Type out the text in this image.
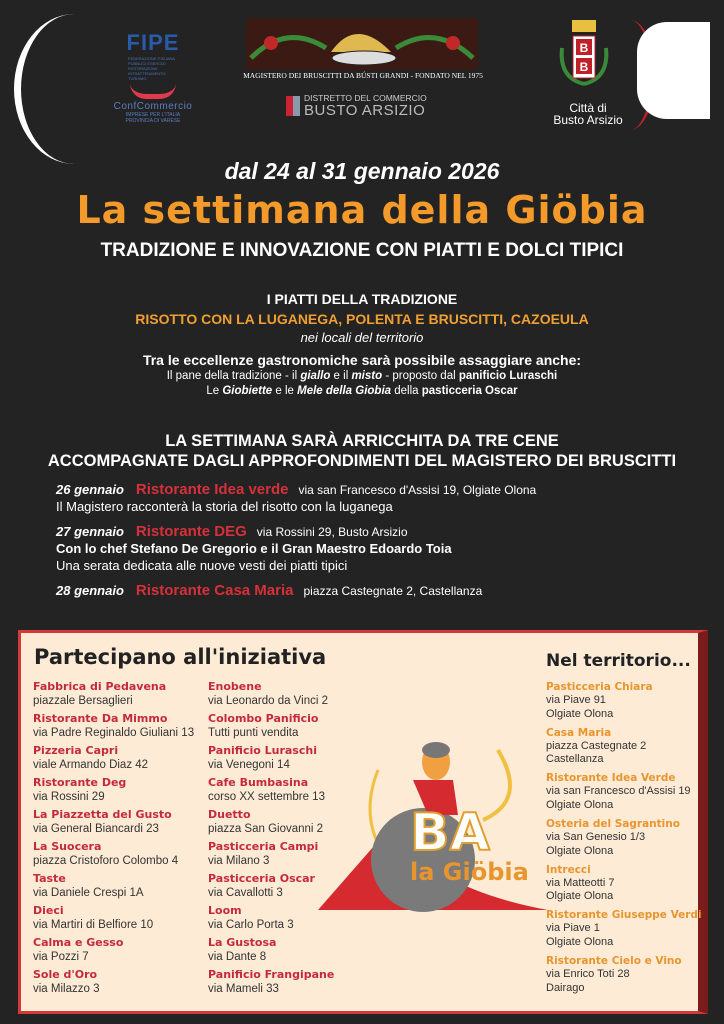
FIPE
FEDERAZIONE ITALIANA
PUBBLICI ESERCIZI
RISTORAZIONE
INTRATTENIMENTO
TURISMO
ConfCommercio
IMPRESE PER L'ITALIA
PROVINCIA DI VARESE
MAGISTERO DEI BRUSCITTI DA BÚSTI GRANDI - FONDATO NEL 1975
DISTRETTO DEL COMMERCIO
BUSTO ARSIZIO
B
B
Città di
Busto Arsizio
dal 24 al 31 gennaio 2026
La settimana della Giöbia
TRADIZIONE E INNOVAZIONE CON PIATTI E DOLCI TIPICI
I PIATTI DELLA TRADIZIONE
RISOTTO CON LA LUGANEGA, POLENTA E BRUSCITTI, CAZOEULA
nei locali del territorio
Tra le eccellenze gastronomiche sarà possibile assaggiare anche:
Il pane della tradizione - il giallo e il misto - proposto dal panificio Luraschi
Le Giobiette e le Mele della Giobia della pasticceria Oscar
LA SETTIMANA SARÀ ARRICCHITA DA TRE CENE
ACCOMPAGNATE DAGLI APPROFONDIMENTI DEL MAGISTERO DEI BRUSCITTI
26 gennaio Ristorante Idea verde via san Francesco d'Assisi 19, Olgiate Olona
Il Magistero racconterà la storia del risotto con la luganega
27 gennaio Ristorante DEG via Rossini 29, Busto Arsizio
Con lo chef Stefano De Gregorio e il Gran Maestro Edoardo Toia
Una serata dedicata alle nuove vesti dei piatti tipici
28 gennaio Ristorante Casa Maria piazza Castegnate 2, Castellanza
Partecipano all'iniziativa
Fabbrica di Pedavena
piazzale Bersaglieri
Ristorante Da Mimmo
via Padre Reginaldo Giuliani 13
Pizzeria Capri
viale Armando Diaz 42
Ristorante Deg
via Rossini 29
La Piazzetta del Gusto
via General Biancardi 23
La Suocera
piazza Cristoforo Colombo 4
Taste
via Daniele Crespi 1A
Dieci
via Martiri di Belfiore 10
Calma e Gesso
via Pozzi 7
Sole d'Oro
via Milazzo 3
Enobene
via Leonardo da Vinci 2
Colombo Panificio
Tutti punti vendita
Panificio Luraschi
via Venegoni 14
Cafe Bumbasina
corso XX settembre 13
Duetto
piazza San Giovanni 2
Pasticceria Campi
via Milano 3
Pasticceria Oscar
via Cavallotti 3
Loom
via Carlo Porta 3
La Gustosa
via Dante 8
Panificio Frangipane
via Mameli 33
Nel territorio...
Pasticceria Chiara
via Piave 91
Olgiate Olona
Casa Maria
piazza Castegnate 2
Castellanza
Ristorante Idea Verde
via san Francesco d'Assisi 19
Olgiate Olona
Osteria del Sagrantino
via San Genesio 1/3
Olgiate Olona
Intrecci
via Matteotti 7
Olgiate Olona
Ristorante Giuseppe Verdi
via Piave 1
Olgiate Olona
Ristorante Cielo e Vino
via Enrico Toti 28
Dairago
BA
la Giöbia
